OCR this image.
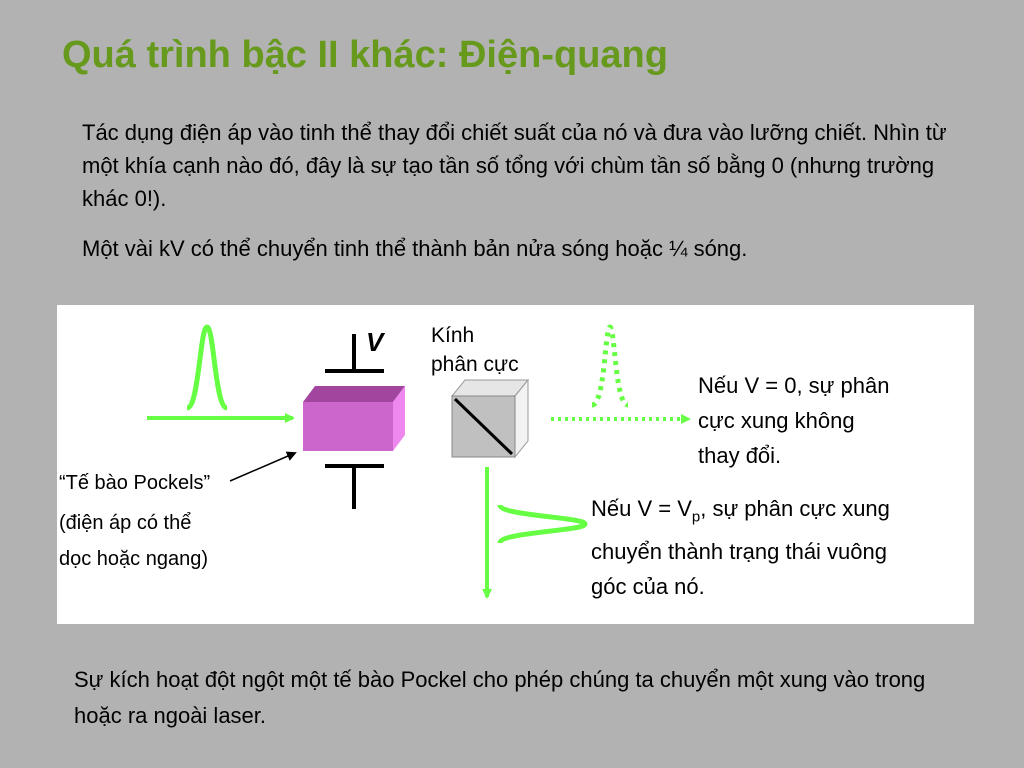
Quá trình bậc II khác: Điện-quang
Tác dụng điện áp vào tinh thể thay đổi chiết suất của nó và đưa vào lưỡng chiết. Nhìn từ một khía cạnh nào đó, đây là sự tạo tần số tổng với chùm tần số bằng 0 (nhưng trường khác 0!).
Một vài kV có thể chuyển tinh thể thành bản nửa sóng hoặc ¼ sóng.
V Kính
phân cực
Nếu V = 0, sự phân
cực xung không
thay đổi.
Nếu $V = V_p$, sự phân cực xung
chuyển thành trạng thái vuông
góc của nó.
“Tế bào Pockels”
(điện áp có thể
dọc hoặc ngang)
Sự kích hoạt đột ngột một tế bào Pockel cho phép chúng ta chuyển một xung vào trong hoặc ra ngoài laser.
